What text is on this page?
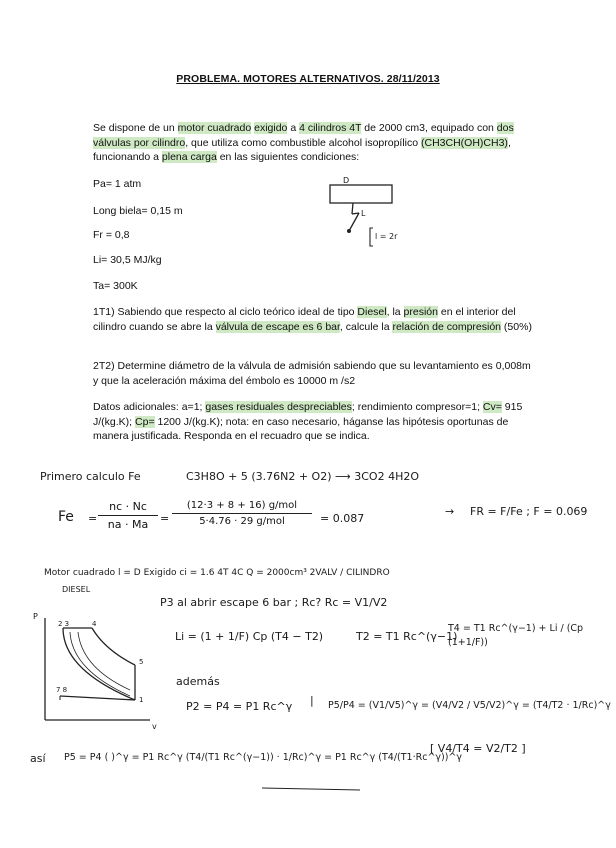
PROBLEMA. MOTORES ALTERNATIVOS. 28/11/2013
Se dispone de un motor cuadrado exigido a 4 cilindros 4T de 2000 cm3, equipado con dos válvulas por cilindro, que utiliza como combustible alcohol isopropílico (CH3CH(OH)CH3), funcionando a plena carga en las siguientes condiciones:
Pa= 1 atm
Long biela= 0,15 m
Fr = 0,8
Li= 30,5 MJ/kg
Ta= 300K
D
L
l = 2r
1T1) Sabiendo que respecto al ciclo teórico ideal de tipo Diesel, la presión en el interior del cilindro cuando se abre la válvula de escape es 6 bar, calcule la relación de compresión (50%)
2T2) Determine diámetro de la válvula de admisión sabiendo que su levantamiento es 0,008m y que la aceleración máxima del émbolo es 10000 m /s2
Datos adicionales: a=1; gases residuales despreciables; rendimiento compresor=1; Cv= 915 J/(kg.K); Cp= 1200 J/(kg.K); nota: en caso necesario, háganse las hipótesis oportunas de manera justificada. Responda en el recuadro que se indica.
Primero calculo Fe	C3H8O + 5 (3.76N2 + O2) ⟶ 3CO2 4H2O
$Fe = \frac{nc \cdot Nc}{na \cdot Ma}$ =
(12·3 + 8 + 16) g/mol
5·4.76 · 29 g/mol	= 0.087
→ FR = F/Fe ; F = 0.069
Motor cuadrado l = D Exigido ci = 1.6 4T 4C Q = 2000cm³ 2VALV / CILINDRO
DIESEL
P3 al abrir escape 6 bar ; Rc? Rc = V1/V2
P
v
2 3	4
5
7 8
1
Li = (1 + 1/F) Cp (T4 − T2)	T2 = T1 Rc^(γ−1)
T4 = T1 Rc^(γ−1) + Li / (Cp (1+1/F))
además
P2 = P4 = P1 Rc^γ | P5/P4 = (V1/V5)^γ = (V4/V2 / V5/V2)^γ = (T4/T2 · 1/Rc)^γ
así P5 = P4 ( )^γ = P1 Rc^γ (T4/(T1 Rc^(γ−1)) · 1/Rc)^γ = P1 Rc^γ (T4/(T1·Rc^γ))^γ
[ V4/T4 = V2/T2 ]
